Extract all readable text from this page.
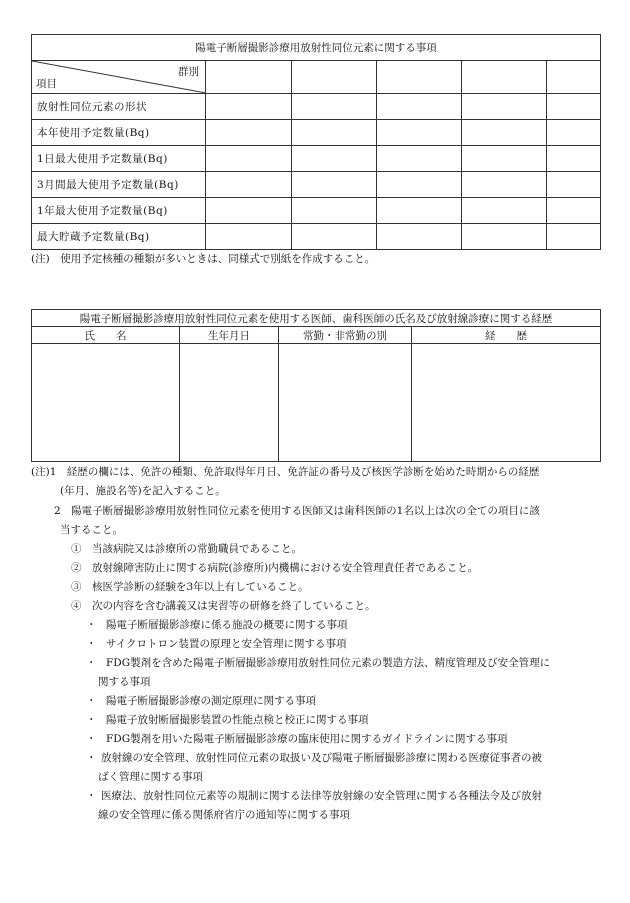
陽電子断層撮影診療用放射性同位元素に関する事項					

群別
項目					

放射性同位元素の形状					
本年使用予定数量(Bq)					
1日最大使用予定数量(Bq)					
3月間最大使用予定数量(Bq)					
1年最大使用予定数量(Bq)					
最大貯蔵予定数量(Bq)					
(注)　使用予定核種の種類が多いときは、同様式で別紙を作成すること。
陽電子断層撮影診療用放射性同位元素を使用する医師、歯科医師の氏名及び放射線診療に関する経歴			
氏　　名	生年月日	常勤・非常勤の別	経　　歴

(注)1　経歴の欄には、免許の種類、免許取得年月日、免許証の番号及び核医学診断を始めた時期からの経歴
(年月、施設名等)を記入すること。
2　陽電子断層撮影診療用放射性同位元素を使用する医師又は歯科医師の1名以上は次の全ての項目に該
当すること。
①　当該病院又は診療所の常勤職員であること。
②　放射線障害防止に関する病院(診療所)内機構における安全管理責任者であること。
③　核医学診断の経験を3年以上有していること。
④　次の内容を含む講義又は実習等の研修を終了していること。
・ 陽電子断層撮影診療に係る施設の概要に関する事項
・ サイクロトロン装置の原理と安全管理に関する事項
・ FDG製剤を含めた陽電子断層撮影診療用放射性同位元素の製造方法、精度管理及び安全管理に
関する事項
・ 陽電子断層撮影診療の測定原理に関する事項
・ 陽電子放射断層撮影装置の性能点検と校正に関する事項
・ FDG製剤を用いた陽電子断層撮影診療の臨床使用に関するガイドラインに関する事項
・ 放射線の安全管理、放射性同位元素の取扱い及び陽電子断層撮影診療に関わる医療従事者の被
ばく管理に関する事項
・ 医療法、放射性同位元素等の規制に関する法律等放射線の安全管理に関する各種法令及び放射
線の安全管理に係る関係府省庁の通知等に関する事項
